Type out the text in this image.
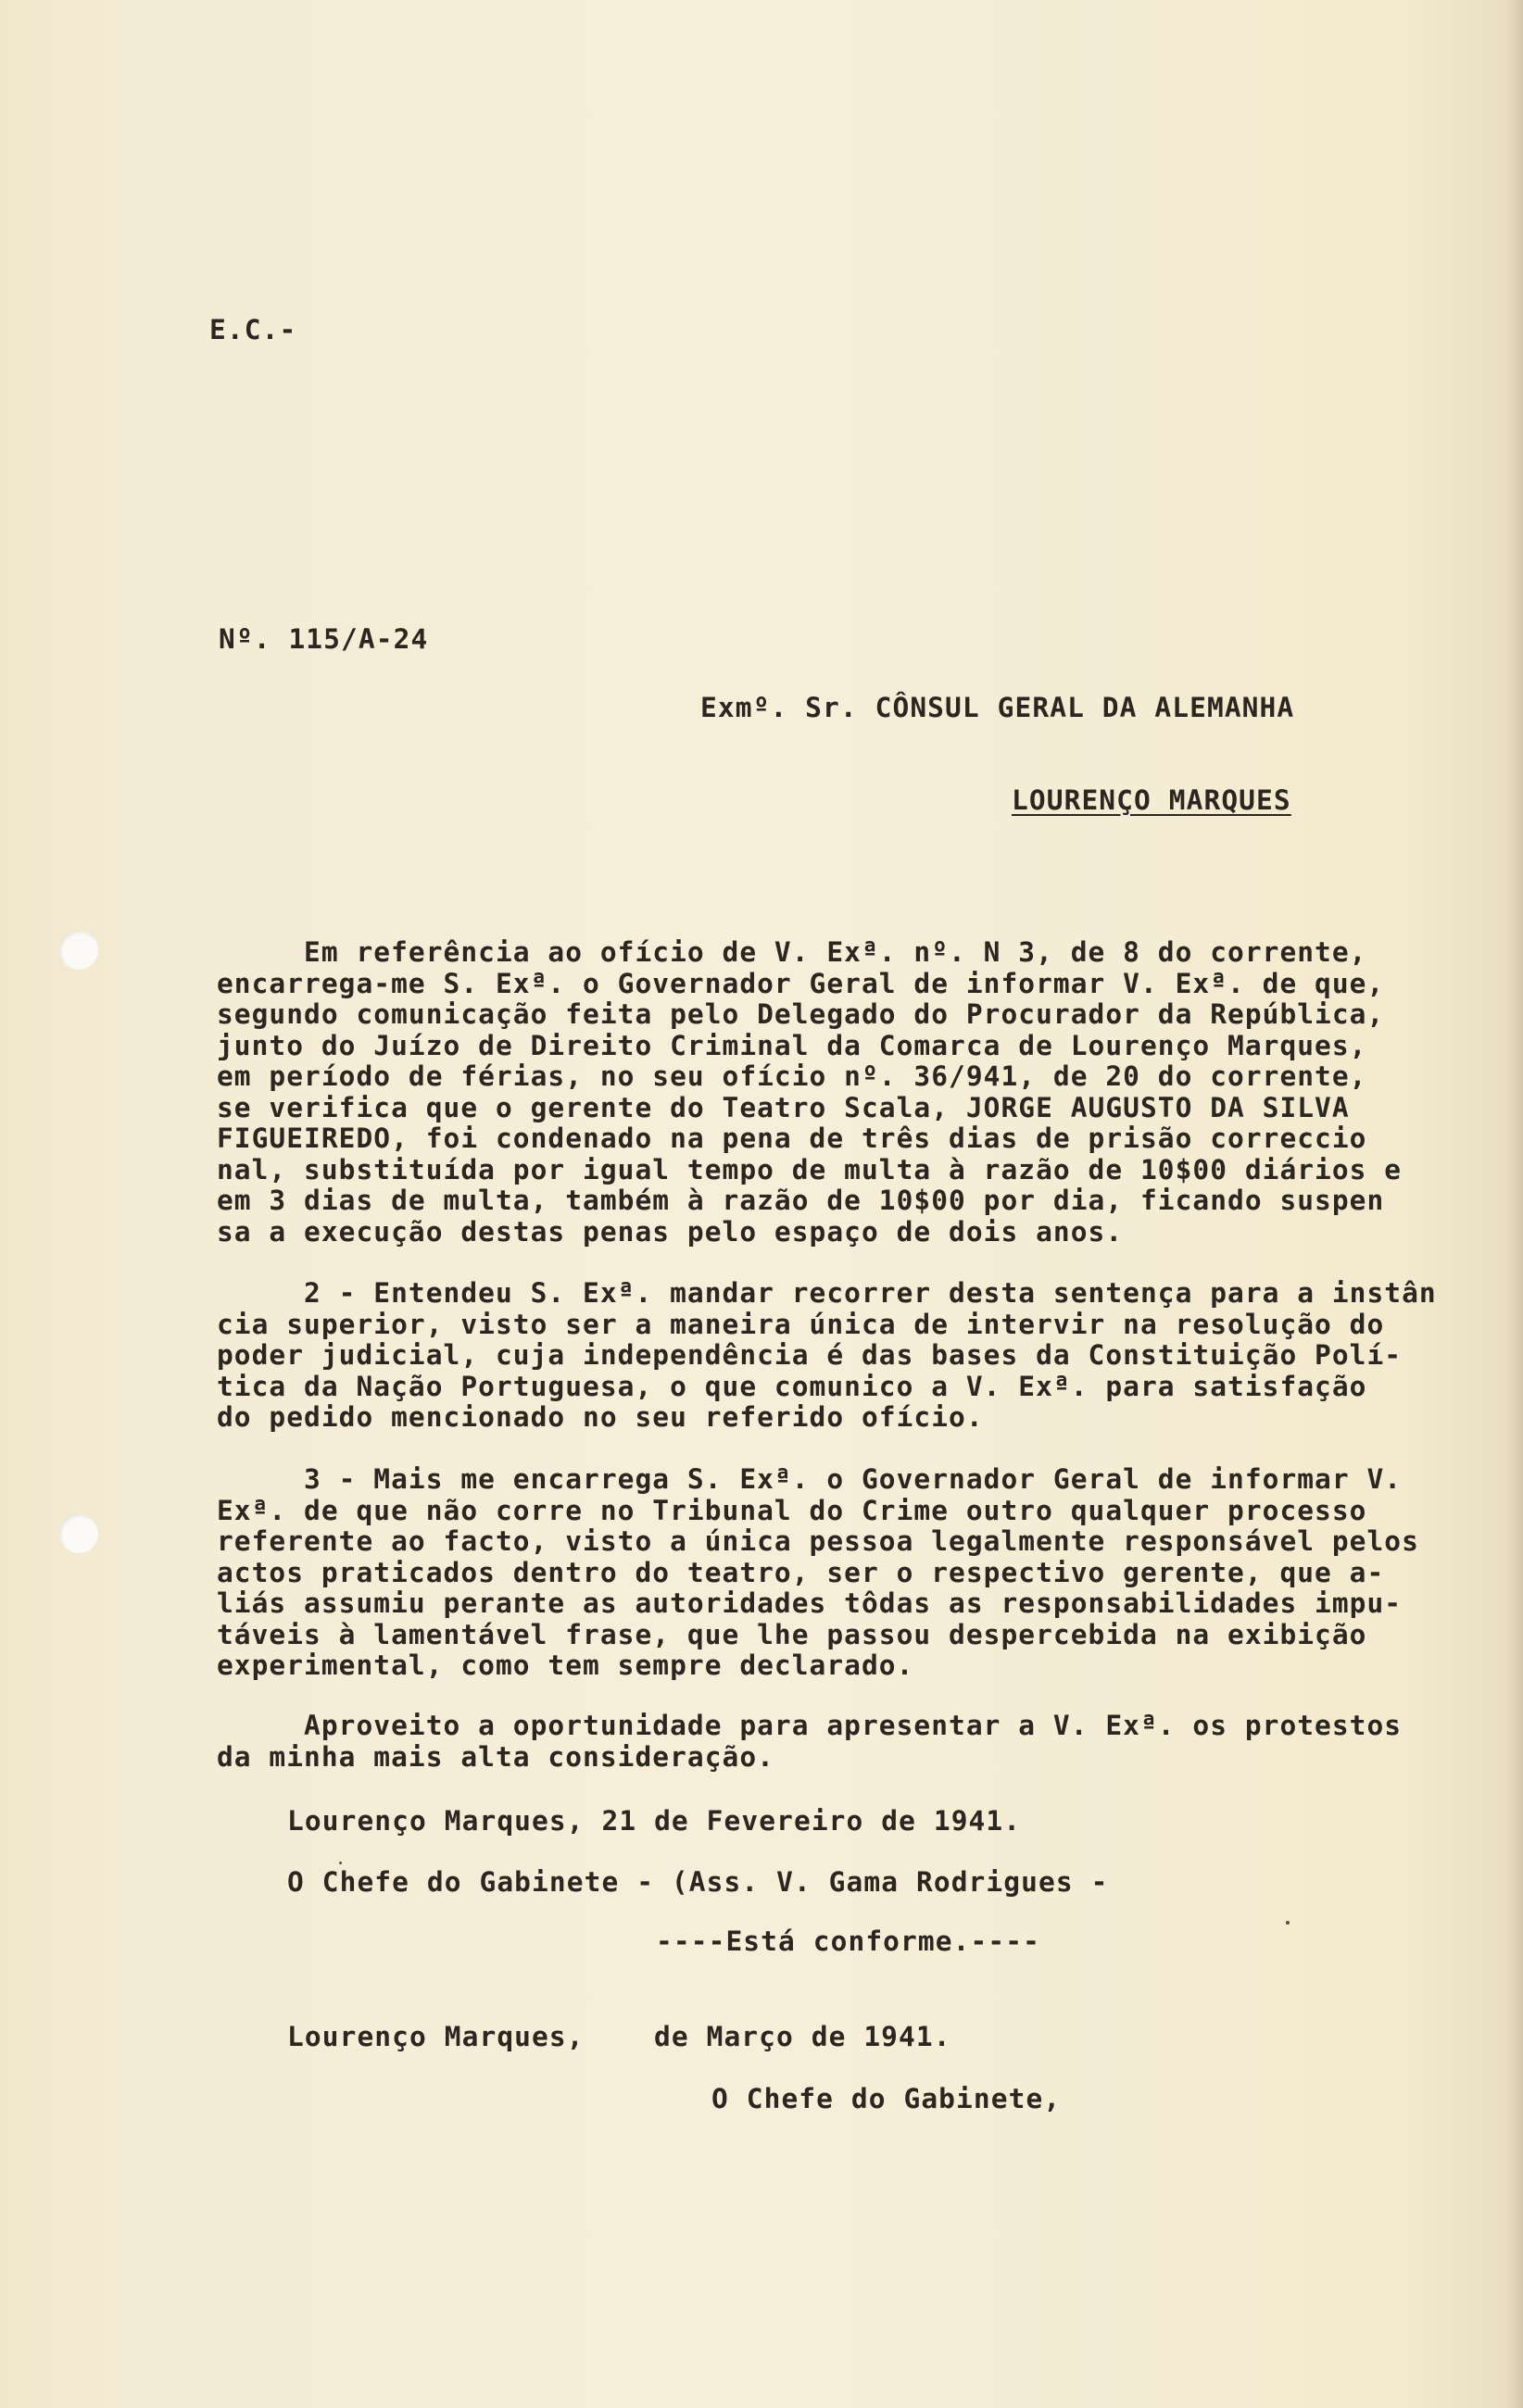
E.C.-
Nº. 115/A-24
Exmº. Sr. CÔNSUL GERAL DA ALEMANHA
LOURENÇO MARQUES
Em referência ao ofício de V. Exª. nº. N 3, de 8 do corrente,
encarrega-me S. Exª. o Governador Geral de informar V. Exª. de que,
segundo comunicação feita pelo Delegado do Procurador da República,
junto do Juízo de Direito Criminal da Comarca de Lourenço Marques,
em período de férias, no seu ofício nº. 36/941, de 20 do corrente,
se verifica que o gerente do Teatro Scala, JORGE AUGUSTO DA SILVA
FIGUEIREDO, foi condenado na pena de três dias de prisão correccio
nal, substituída por igual tempo de multa à razão de 10$00 diários e
em 3 dias de multa, também à razão de 10$00 por dia, ficando suspen
sa a execução destas penas pelo espaço de dois anos.
2 - Entendeu S. Exª. mandar recorrer desta sentença para a instân
cia superior, visto ser a maneira única de intervir na resolução do
poder judicial, cuja independência é das bases da Constituição Polí-
tica da Nação Portuguesa, o que comunico a V. Exª. para satisfação
do pedido mencionado no seu referido ofício.
3 - Mais me encarrega S. Exª. o Governador Geral de informar V.
Exª. de que não corre no Tribunal do Crime outro qualquer processo
referente ao facto, visto a única pessoa legalmente responsável pelos
actos praticados dentro do teatro, ser o respectivo gerente, que a-
liás assumiu perante as autoridades tôdas as responsabilidades impu-
táveis à lamentável frase, que lhe passou despercebida na exibição
experimental, como tem sempre declarado.
Aproveito a oportunidade para apresentar a V. Exª. os protestos
da minha mais alta consideração.
Lourenço Marques, 21 de Fevereiro de 1941.
O Chefe do Gabinete - (Ass. V. Gama Rodrigues -
----Está conforme.----
Lourenço Marques,	de Março de 1941.
O Chefe do Gabinete,
